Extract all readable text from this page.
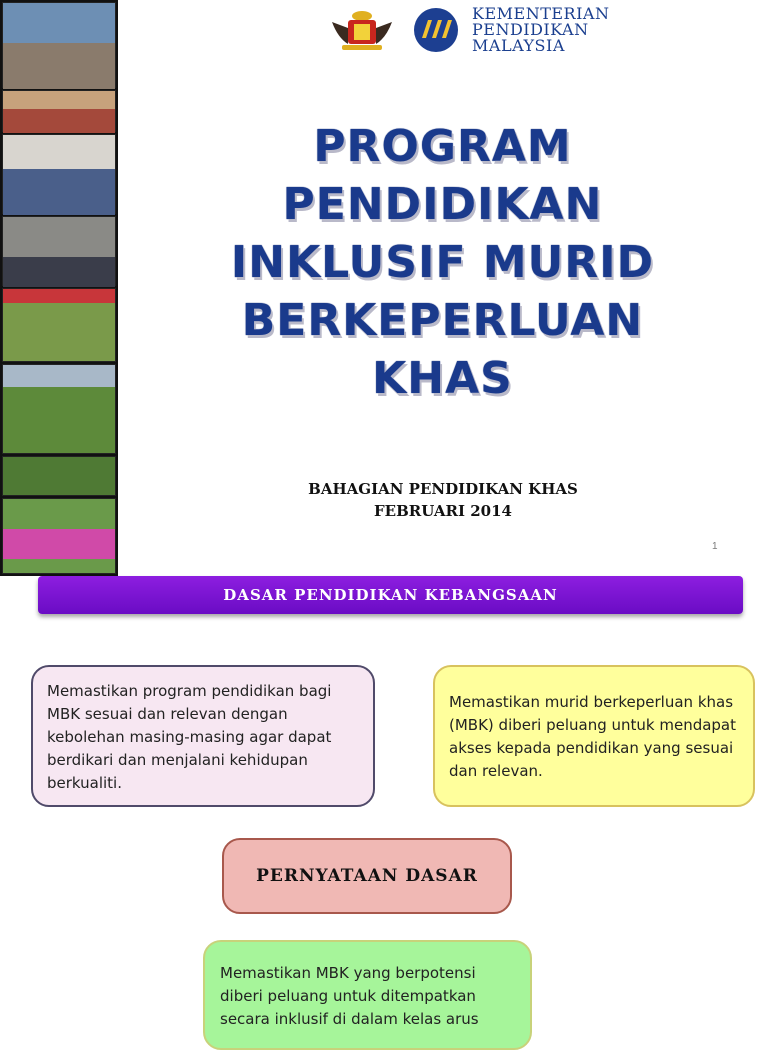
KEMENTERIAN
PENDIDIKAN
MALAYSIA
PROGRAM
PENDIDIKAN
INKLUSIF MURID
BERKEPERLUAN
KHAS
BAHAGIAN PENDIDIKAN KHAS
FEBRUARI 2014
1
DASAR PENDIDIKAN KEBANGSAAN
Memastikan program pendidikan bagi MBK sesuai dan relevan dengan kebolehan masing-masing agar dapat berdikari dan menjalani kehidupan berkualiti.
Memastikan murid berkeperluan khas (MBK) diberi peluang untuk mendapat akses kepada pendidikan yang sesuai dan relevan.
PERNYATAAN DASAR
Memastikan MBK yang berpotensi diberi peluang untuk ditempatkan secara inklusif di dalam kelas arus
